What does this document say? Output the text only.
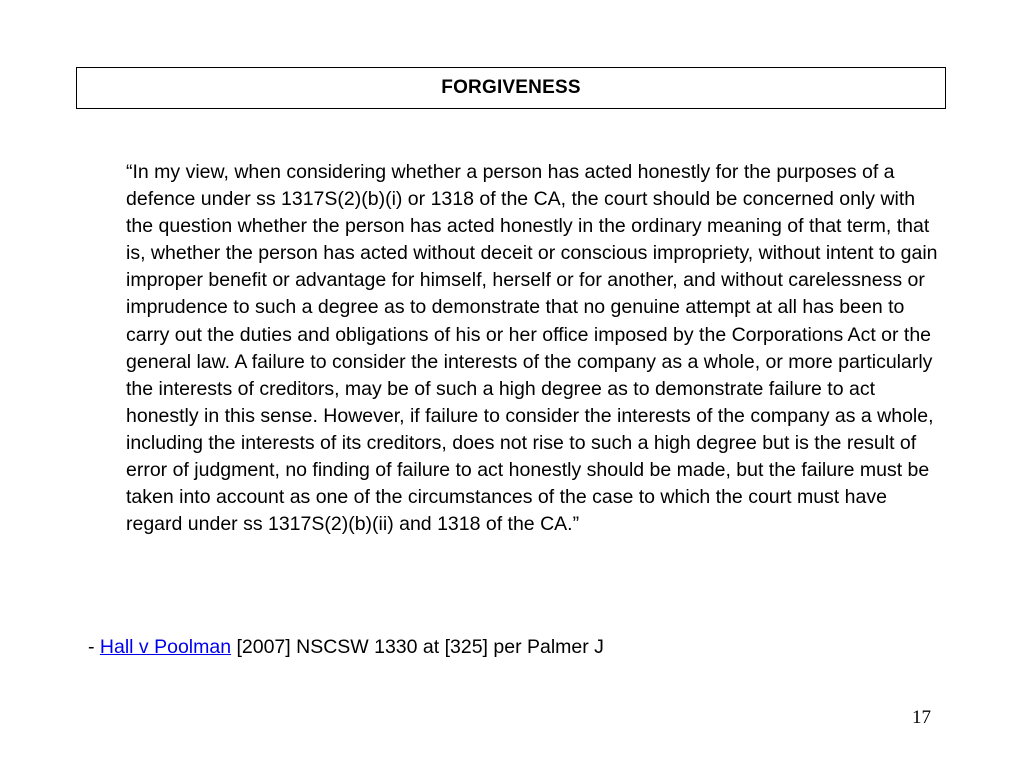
FORGIVENESS
“In my view, when considering whether a person has acted honestly for the purposes of a defence under ss 1317S(2)(b)(i) or 1318 of the CA, the court should be concerned only with the question whether the person has acted honestly in the ordinary meaning of that term, that is, whether the person has acted without deceit or conscious impropriety, without intent to gain improper benefit or advantage for himself, herself or for another, and without carelessness or imprudence to such a degree as to demonstrate that no genuine attempt at all has been to carry out the duties and obligations of his or her office imposed by the Corporations Act or the general law. A failure to consider the interests of the company as a whole, or more particularly the interests of creditors, may be of such a high degree as to demonstrate failure to act honestly in this sense. However, if failure to consider the interests of the company as a whole, including the interests of its creditors, does not rise to such a high degree but is the result of error of judgment, no finding of failure to act honestly should be made, but the failure must be taken into account as one of the circumstances of the case to which the court must have regard under ss 1317S(2)(b)(ii) and 1318 of the CA.”
- Hall v Poolman [2007] NSCSW 1330 at [325] per Palmer J
17
